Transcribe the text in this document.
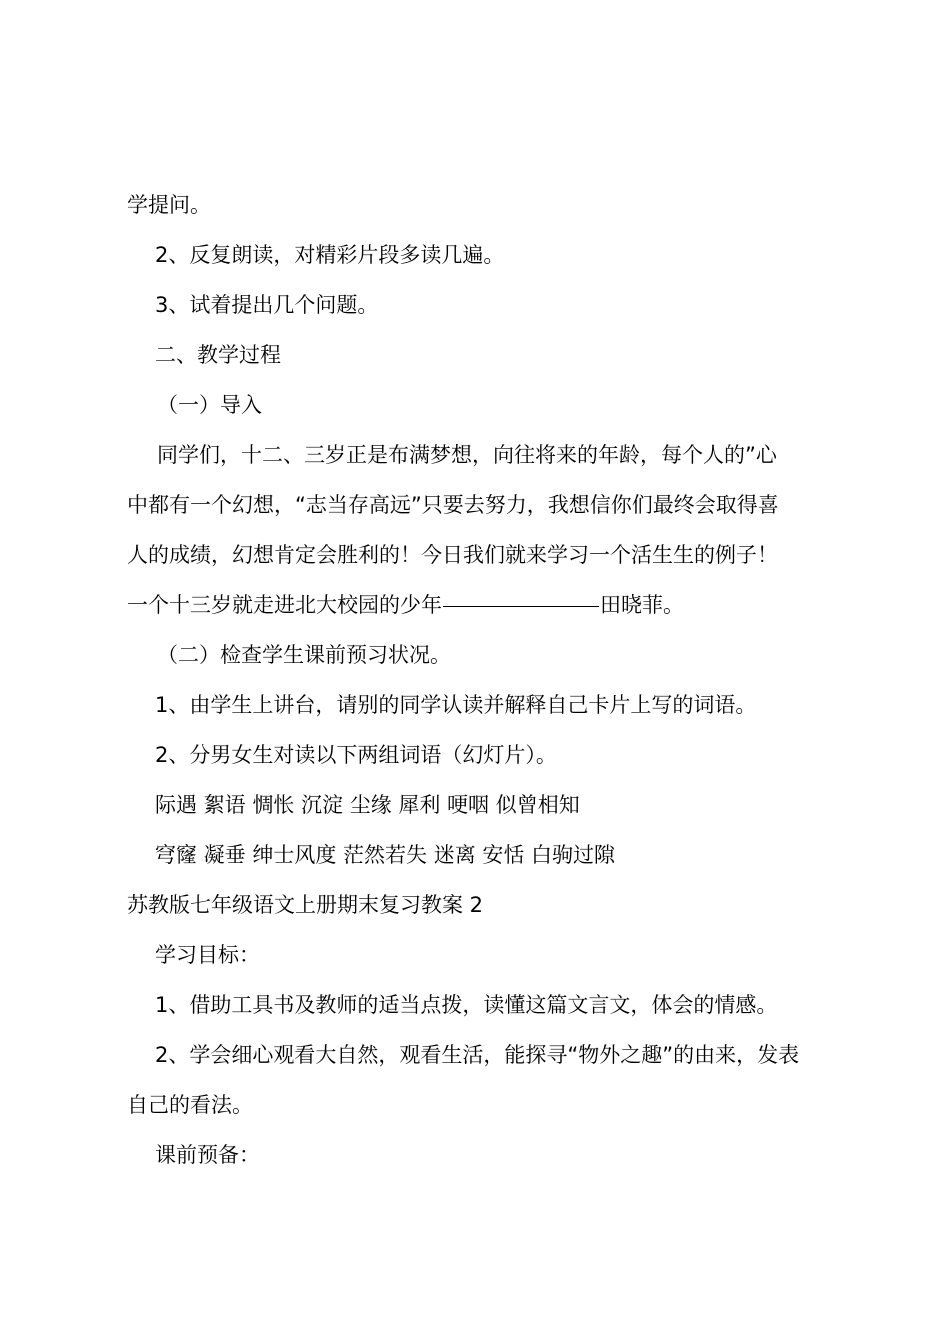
学提问。
2、反复朗读，对精彩片段多读几遍。
3、试着提出几个问题。
二、教学过程
（一）导入
同学们，十二、三岁正是布满梦想，向往将来的年龄，每个人的”心
中都有一个幻想，“志当存高远”只要去努力，我想信你们最终会取得喜
人的成绩，幻想肯定会胜利的！今日我们就来学习一个活生生的例子！
一个十三岁就走进北大校园的少年	田晓菲。
（二）检查学生课前预习状况。
1、由学生上讲台，请别的同学认读并解释自己卡片上写的词语。
2、分男女生对读以下两组词语（幻灯片）。
际遇 絮语 惆怅 沉淀 尘缘 犀利 哽咽 似曾相知
穹窿 凝垂 绅士风度 茫然若失 迷离 安恬 白驹过隙
苏教版七年级语文上册期末复习教案 2
学习目标：
1、借助工具书及教师的适当点拨，读懂这篇文言文，体会的情感。
2、学会细心观看大自然，观看生活，能探寻“物外之趣”的由来，发表
自己的看法。
课前预备：
